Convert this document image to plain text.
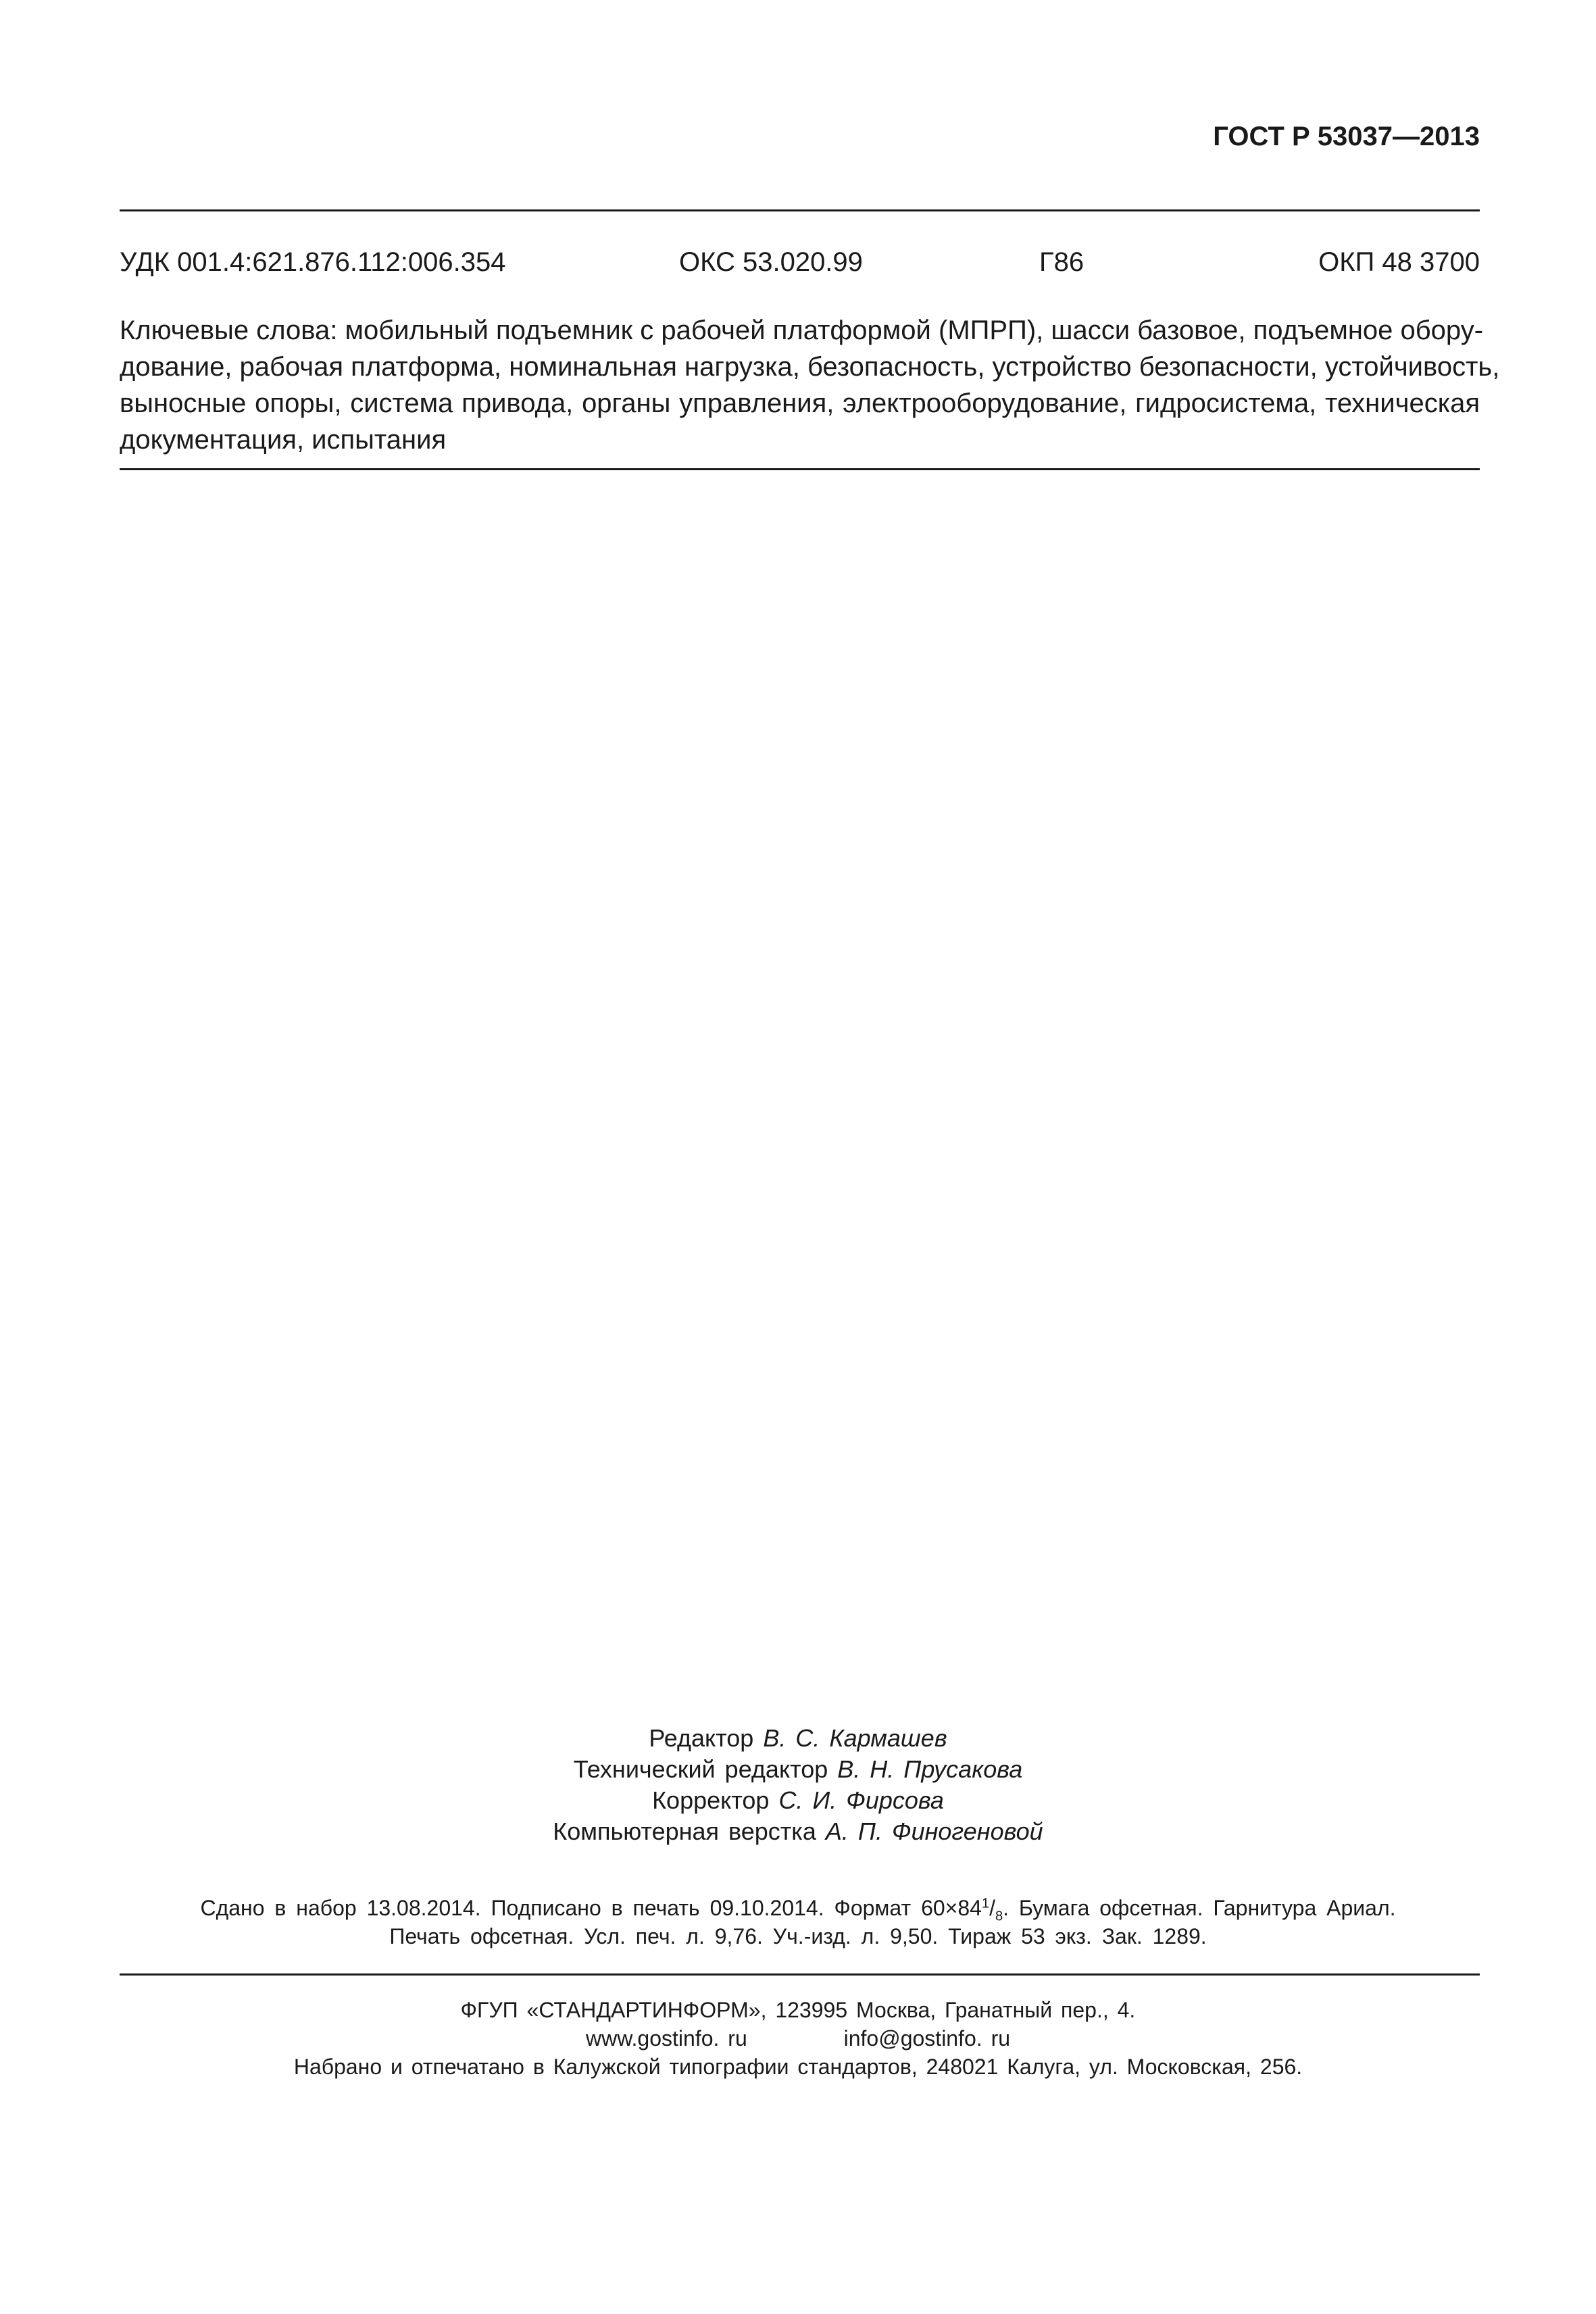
ГОСТ Р 53037—2013
УДК 001.4:621.876.112:006.354	ОКС 53.020.99	Г86	ОКП 48 3700
Ключевые слова: мобильный подъемник с рабочей платформой (МПРП), шасси базовое, подъемное обору-
дование, рабочая платформа, номинальная нагрузка, безопасность, устройство безопасности, устойчивость,
выносные опоры, система привода, органы управления, электрооборудование, гидросистема, техническая
документация, испытания
Редактор В. С. Кармашев
Технический редактор В. Н. Прусакова
Корректор С. И. Фирсова
Компьютерная верстка А. П. Финогеновой
Сдано в набор 13.08.2014. Подписано в печать 09.10.2014. Формат $60\times 84^1/_8$. Бумага офсетная. Гарнитура Ариал.
Печать офсетная. Усл. печ. л. 9,76. Уч.-изд. л. 9,50. Тираж 53 экз. Зак. 1289.
ФГУП «СТАНДАРТИНФОРМ», 123995 Москва, Гранатный пер., 4.
www.gostinfo. ru	info@gostinfo. ru
Набрано и отпечатано в Калужской типографии стандартов, 248021 Калуга, ул. Московская, 256.
